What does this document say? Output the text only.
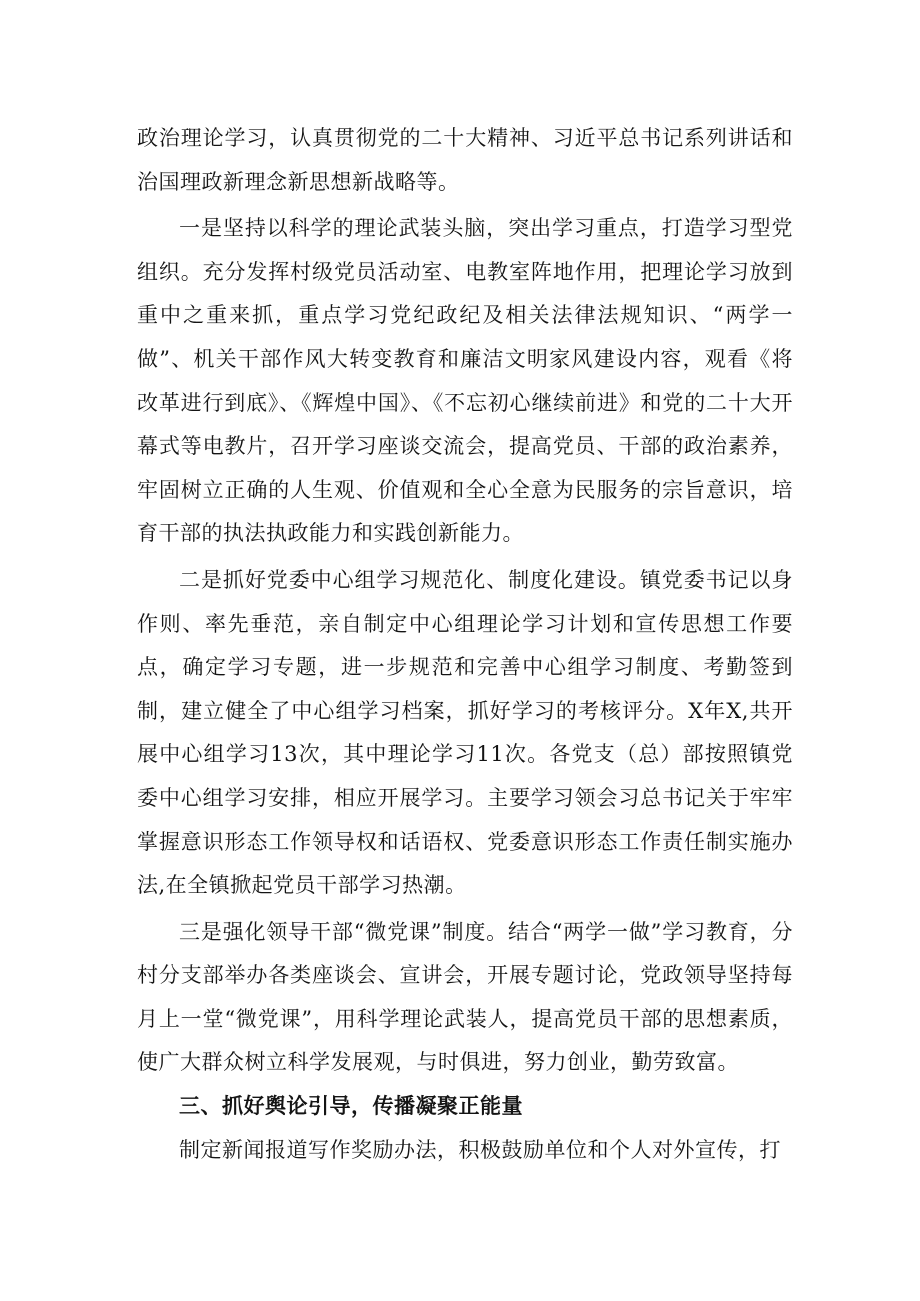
政治理论学习，认真贯彻党的二十大精神、习近平总书记系列讲话和治国理政新理念新思想新战略等。

一是坚持以科学的理论武装头脑，突出学习重点，打造学习型党组织。充分发挥村级党员活动室、电教室阵地作用，把理论学习放到重中之重来抓，重点学习党纪政纪及相关法律法规知识、“两学一做”、机关干部作风大转变教育和廉洁文明家风建设内容，观看《将改革进行到底》、《辉煌中国》、《不忘初心继续前进》和党的二十大开幕式等电教片，召开学习座谈交流会，提高党员、干部的政治素养，牢固树立正确的人生观、价值观和全心全意为民服务的宗旨意识，培育干部的执法执政能力和实践创新能力。

二是抓好党委中心组学习规范化、制度化建设。镇党委书记以身作则、率先垂范，亲自制定中心组理论学习计划和宣传思想工作要点，确定学习专题，进一步规范和完善中心组学习制度、考勤签到制，建立健全了中心组学习档案，抓好学习的考核评分。X年X,共开展中心组学习13次，其中理论学习11次。各党支（总）部按照镇党委中心组学习安排，相应开展学习。主要学习领会习总书记关于牢牢掌握意识形态工作领导权和话语权、党委意识形态工作责任制实施办法,在全镇掀起党员干部学习热潮。

三是强化领导干部“微党课”制度。结合“两学一做”学习教育，分村分支部举办各类座谈会、宣讲会，开展专题讨论，党政领导坚持每月上一堂“微党课”，用科学理论武装人，提高党员干部的思想素质，使广大群众树立科学发展观，与时俱进，努力创业，勤劳致富。

三、抓好舆论引导，传播凝聚正能量

制定新闻报道写作奖励办法，积极鼓励单位和个人对外宣传，打
